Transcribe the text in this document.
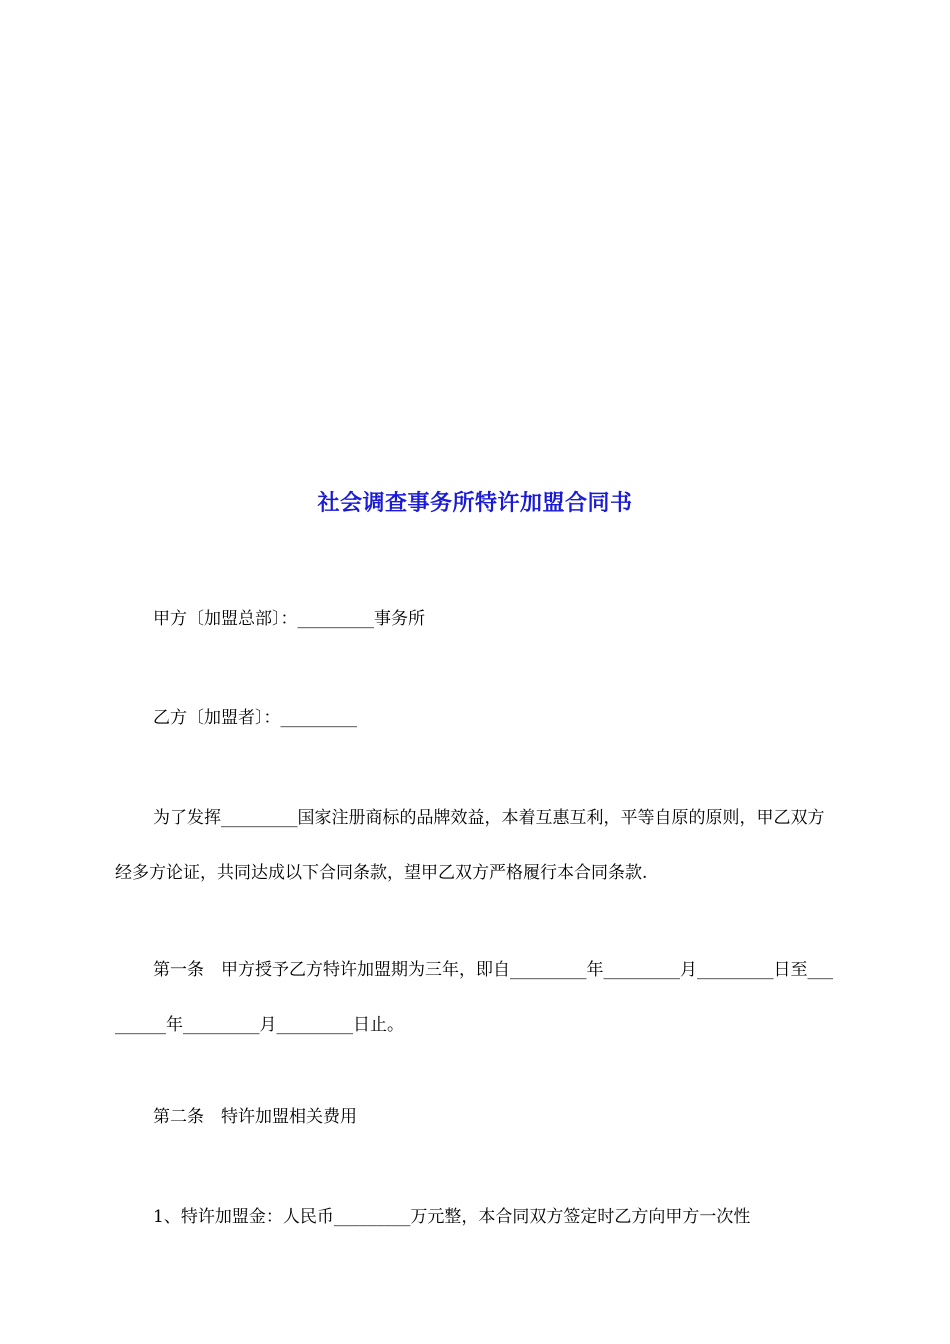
社会调查事务所特许加盟合同书
甲方〔加盟总部〕：_________事务所
乙方〔加盟者〕：_________
为了发挥_________国家注册商标的品牌效益，本着互惠互利，平等自原的原则，甲乙双方经多方论证，共同达成以下合同条款，望甲乙双方严格履行本合同条款.
第一条　甲方授予乙方特许加盟期为三年，即自_________年_________月_________日至_________年_________月_________日止。
第二条　特许加盟相关费用
1、特许加盟金：人民币_________万元整，本合同双方签定时乙方向甲方一次性
